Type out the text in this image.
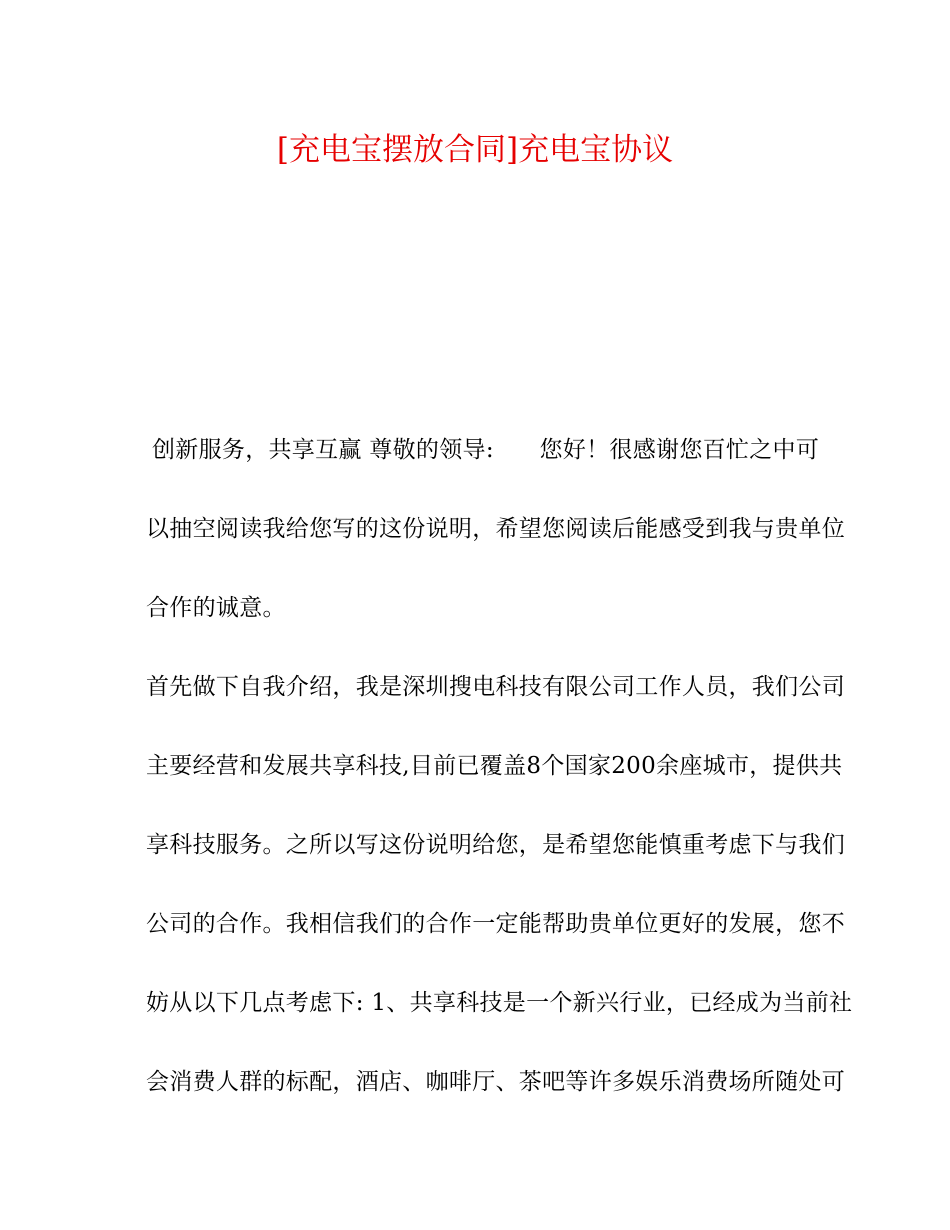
[充电宝摆放合同]充电宝协议
创新服务，共享互赢 尊敬的领导: 您好！很感谢您百忙之中可
以抽空阅读我给您写的这份说明，希望您阅读后能感受到我与贵单位
合作的诚意。
首先做下自我介绍，我是深圳搜电科技有限公司工作人员，我们公司
主要经营和发展共享科技,目前已覆盖8个国家200余座城市，提供共
享科技服务。之所以写这份说明给您，是希望您能慎重考虑下与我们
公司的合作。我相信我们的合作一定能帮助贵单位更好的发展，您不
妨从以下几点考虑下: 1、共享科技是一个新兴行业，已经成为当前社
会消费人群的标配，酒店、咖啡厅、茶吧等许多娱乐消费场所随处可
